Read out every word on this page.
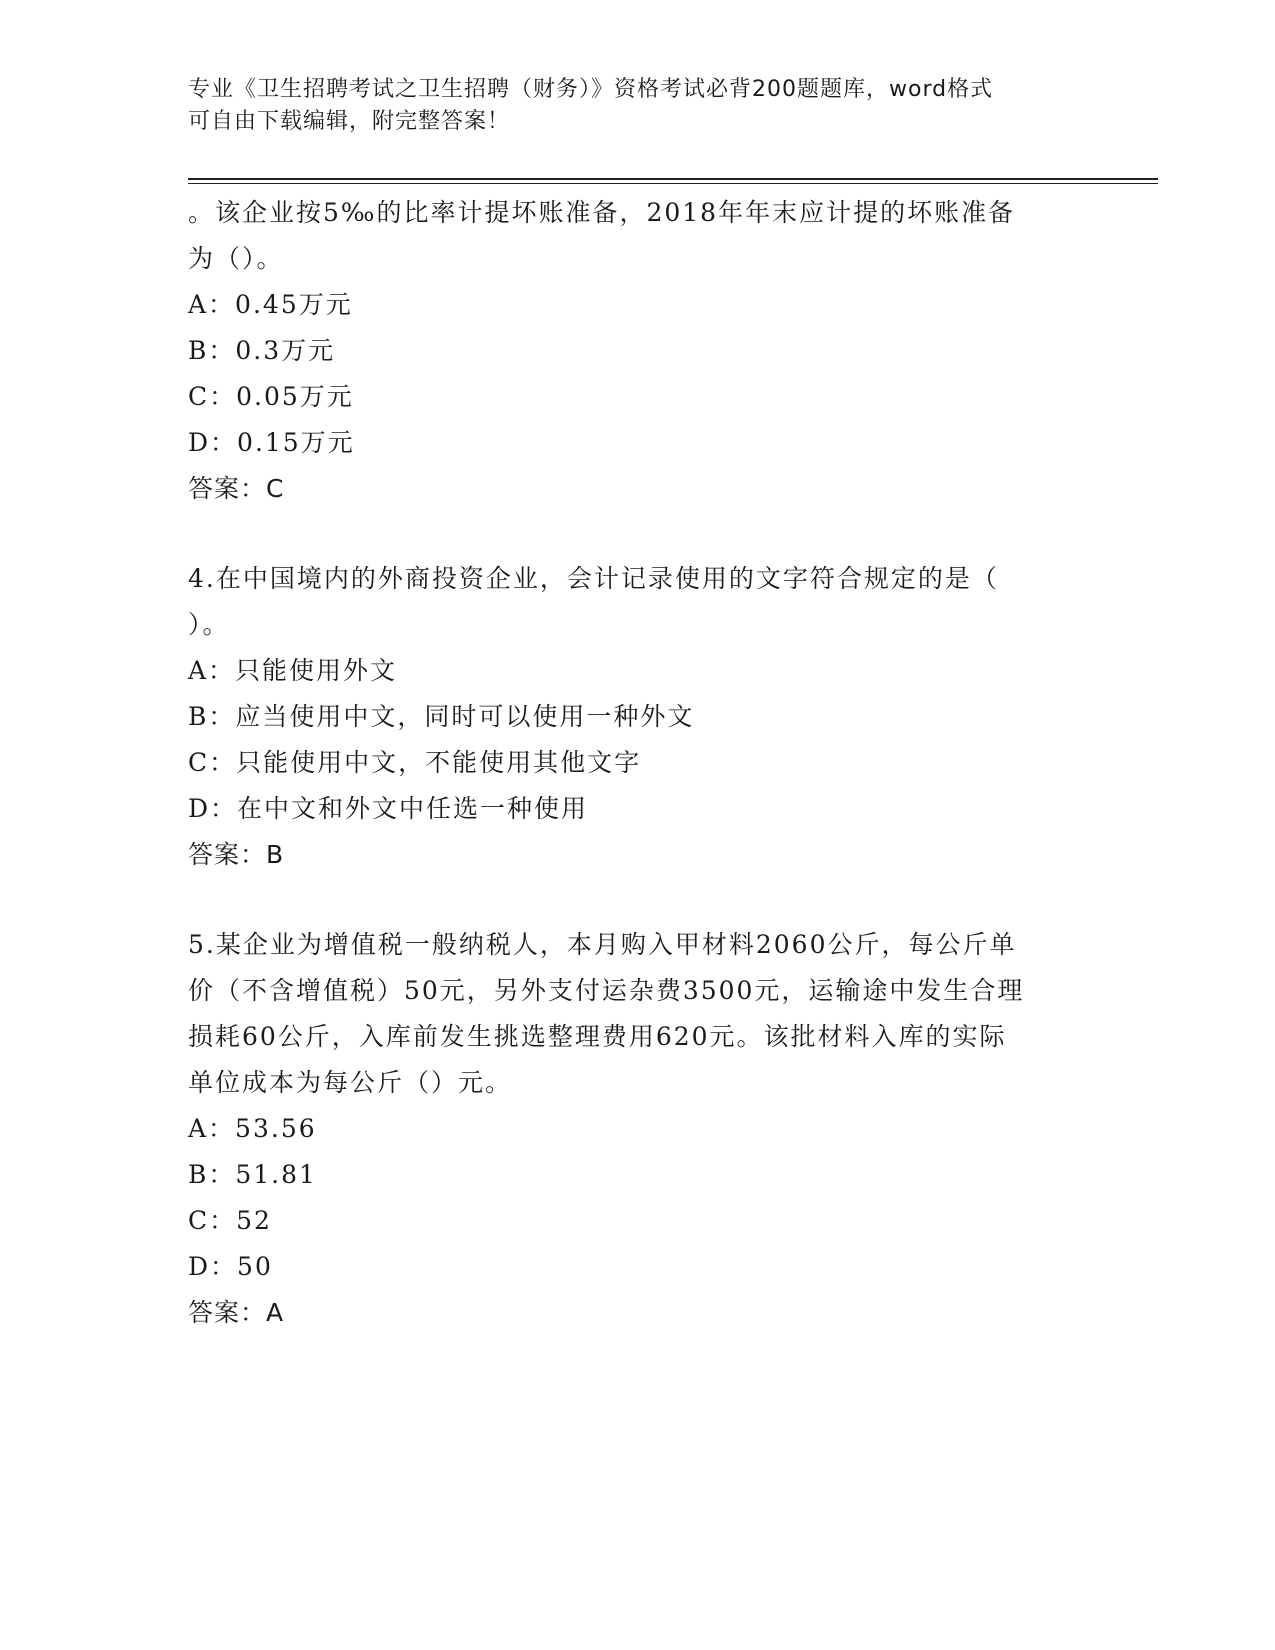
专业《卫生招聘考试之卫生招聘（财务）》资格考试必背200题题库，word格式
可自由下载编辑，附完整答案！
。该企业按5‰的比率计提坏账准备，2018年年末应计提的坏账准备
为（）。
A：0.45万元
B：0.3万元
C：0.05万元
D：0.15万元
答案：C
4.在中国境内的外商投资企业，会计记录使用的文字符合规定的是（
）。
A：只能使用外文
B：应当使用中文，同时可以使用一种外文
C：只能使用中文，不能使用其他文字
D：在中文和外文中任选一种使用
答案：B
5.某企业为增值税一般纳税人，本月购入甲材料2060公斤，每公斤单
价（不含增值税）50元，另外支付运杂费3500元，运输途中发生合理
损耗60公斤，入库前发生挑选整理费用620元。该批材料入库的实际
单位成本为每公斤（）元。
A：53.56
B：51.81
C：52
D：50
答案：A
